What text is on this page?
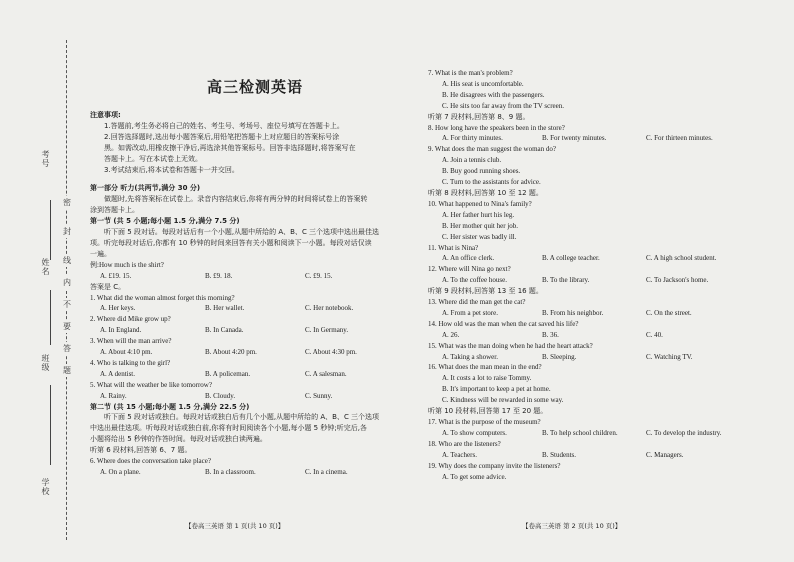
考号
姓名
班级
学校
密
封
线
内
不
要
答
题
高三检测英语
注意事项:
1.答题前,考生务必将自己的姓名、考生号、考场号、座位号填写在答题卡上。
2.回答选择题时,选出每小题答案后,用铅笔把答题卡上对应题目的答案标号涂
黑。如需改动,用橡皮擦干净后,再选涂其他答案标号。回答非选择题时,将答案写在
答题卡上。写在本试卷上无效。
3.考试结束后,将本试卷和答题卡一并交回。
第一部分 听力(共两节,满分 30 分)
做题时,先将答案标在试卷上。录音内容结束后,你将有两分钟的时间将试卷上的答案转
涂到答题卡上。
第一节 (共 5 小题;每小题 1.5 分,满分 7.5 分)
听下面 5 段对话。每段对话后有一个小题,从题中所给的 A、B、C 三个选项中选出最佳选
项。听完每段对话后,你都有 10 秒钟的时间来回答有关小题和阅读下一小题。每段对话仅读
一遍。
例:How much is the shirt?
A. £19. 15.	B. £9. 18.	C. £9. 15.
答案是 C。
1. What did the woman almost forget this morning?
A. Her keys.	B. Her wallet.	C. Her notebook.
2. Where did Mike grow up?
A. In England.	B. In Canada.	C. In Germany.
3. When will the man arrive?
A. About 4:10 pm.	B. About 4:20 pm.	C. About 4:30 pm.
4. Who is talking to the girl?
A. A dentist.	B. A policeman.	C. A salesman.
5. What will the weather be like tomorrow?
A. Rainy.	B. Cloudy.	C. Sunny.
第二节 (共 15 小题;每小题 1.5 分,满分 22.5 分)
听下面 5 段对话或独白。每段对话或独白后有几个小题,从题中所给的 A、B、C 三个选项
中选出最佳选项。听每段对话或独白前,你将有时间阅读各个小题,每小题 5 秒钟;听完后,各
小题将给出 5 秒钟的作答时间。每段对话或独白读两遍。
听第 6 段材料,回答第 6、7 题。
6. Where does the conversation take place?
A. On a plane.	B. In a classroom.	C. In a cinema.
【卷高三英语 第 1 页(共 10 页)】
7. What is the man's problem?
A. His seat is uncomfortable.
B. He disagrees with the passengers.
C. He sits too far away from the TV screen.
听第 7 段材料,回答第 8、9 题。
8. How long have the speakers been in the store?
A. For thirty minutes.	B. For twenty minutes.	C. For thirteen minutes.
9. What does the man suggest the woman do?
A. Join a tennis club.
B. Buy good running shoes.
C. Turn to the assistants for advice.
听第 8 段材料,回答第 10 至 12 题。
10. What happened to Nina's family?
A. Her father hurt his leg.
B. Her mother quit her job.
C. Her sister was badly ill.
11. What is Nina?
A. An office clerk.	B. A college teacher.	C. A high school student.
12. Where will Nina go next?
A. To the coffee house.	B. To the library.	C. To Jackson's home.
听第 9 段材料,回答第 13 至 16 题。
13. Where did the man get the cat?
A. From a pet store.	B. From his neighbor.	C. On the street.
14. How old was the man when the cat saved his life?
A. 26.	B. 36.	C. 40.
15. What was the man doing when he had the heart attack?
A. Taking a shower.	B. Sleeping.	C. Watching TV.
16. What does the man mean in the end?
A. It costs a lot to raise Tommy.
B. It's important to keep a pet at home.
C. Kindness will be rewarded in some way.
听第 10 段材料,回答第 17 至 20 题。
17. What is the purpose of the museum?
A. To show computers.	B. To help school children.	C. To develop the industry.
18. Who are the listeners?
A. Teachers.	B. Students.	C. Managers.
19. Why does the company invite the listeners?
A. To get some advice.
【卷高三英语 第 2 页(共 10 页)】
